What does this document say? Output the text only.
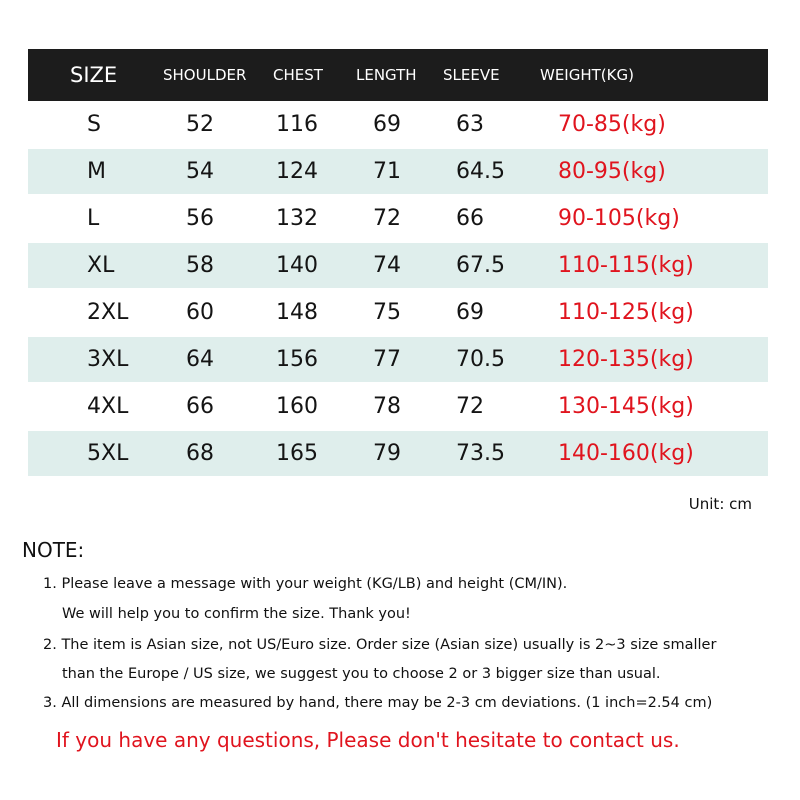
SIZE	SHOULDER CHEST LENGTH SLEEVE	WEIGHT(KG)
S	52	116	69	63	70-85(kg)
M	54	124	71	64.5 80-95(kg)
L	56	132	72	66	90-105(kg)
XL	58	140	74	67.5 110-115(kg)
2XL	60	148	75	69	110-125(kg)
3XL	64	156	77	70.5 120-135(kg)
4XL	66	160	78	72	130-145(kg)
5XL	68	165	79	73.5 140-160(kg)
Unit: cm
NOTE:
1. Please leave a message with your weight (KG/LB) and height (CM/IN).
We will help you to confirm the size. Thank you!
2. The item is Asian size, not US/Euro size. Order size (Asian size) usually is 2~3 size smaller
than the Europe / US size, we suggest you to choose 2 or 3 bigger size than usual.
3. All dimensions are measured by hand, there may be 2-3 cm deviations. (1 inch=2.54 cm)
If you have any questions, Please don't hesitate to contact us.
